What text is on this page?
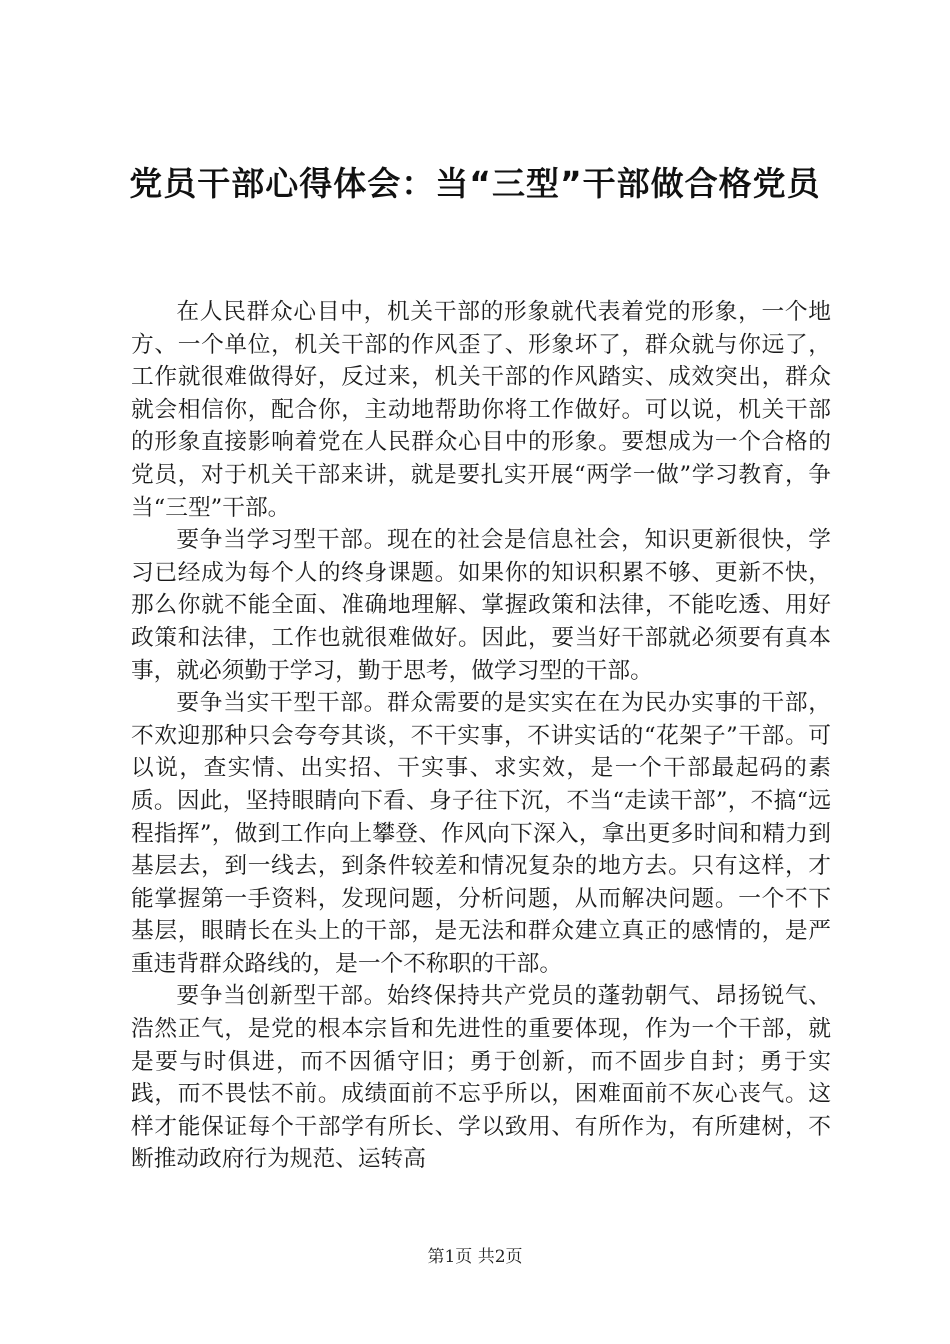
党员干部心得体会：当“三型”干部做合格党员

在人民群众心目中，机关干部的形象就代表着党的形象，一个地方、一个单位，机关干部的作风歪了、形象坏了，群众就与你远了，工作就很难做得好，反过来，机关干部的作风踏实、成效突出，群众就会相信你，配合你，主动地帮助你将工作做好。可以说，机关干部的形象直接影响着党在人民群众心目中的形象。要想成为一个合格的党员，对于机关干部来讲，就是要扎实开展“两学一做”学习教育，争当“三型”干部。

要争当学习型干部。现在的社会是信息社会，知识更新很快，学习已经成为每个人的终身课题。如果你的知识积累不够、更新不快，那么你就不能全面、准确地理解、掌握政策和法律，不能吃透、用好政策和法律，工作也就很难做好。因此，要当好干部就必须要有真本事，就必须勤于学习，勤于思考，做学习型的干部。

要争当实干型干部。群众需要的是实实在在为民办实事的干部，不欢迎那种只会夸夸其谈，不干实事，不讲实话的“花架子”干部。可以说，查实情、出实招、干实事、求实效，是一个干部最起码的素质。因此，坚持眼睛向下看、身子往下沉，不当“走读干部”，不搞“远程指挥”，做到工作向上攀登、作风向下深入，拿出更多时间和精力到基层去，到一线去，到条件较差和情况复杂的地方去。只有这样，才能掌握第一手资料，发现问题，分析问题，从而解决问题。一个不下基层，眼睛长在头上的干部，是无法和群众建立真正的感情的，是严重违背群众路线的，是一个不称职的干部。

要争当创新型干部。始终保持共产党员的蓬勃朝气、昂扬锐气、浩然正气，是党的根本宗旨和先进性的重要体现，作为一个干部，就是要与时俱进，而不因循守旧；勇于创新，而不固步自封；勇于实践，而不畏怯不前。成绩面前不忘乎所以，困难面前不灰心丧气。这样才能保证每个干部学有所长、学以致用、有所作为，有所建树，不断推动政府行为规范、运转高

第1页 共2页
